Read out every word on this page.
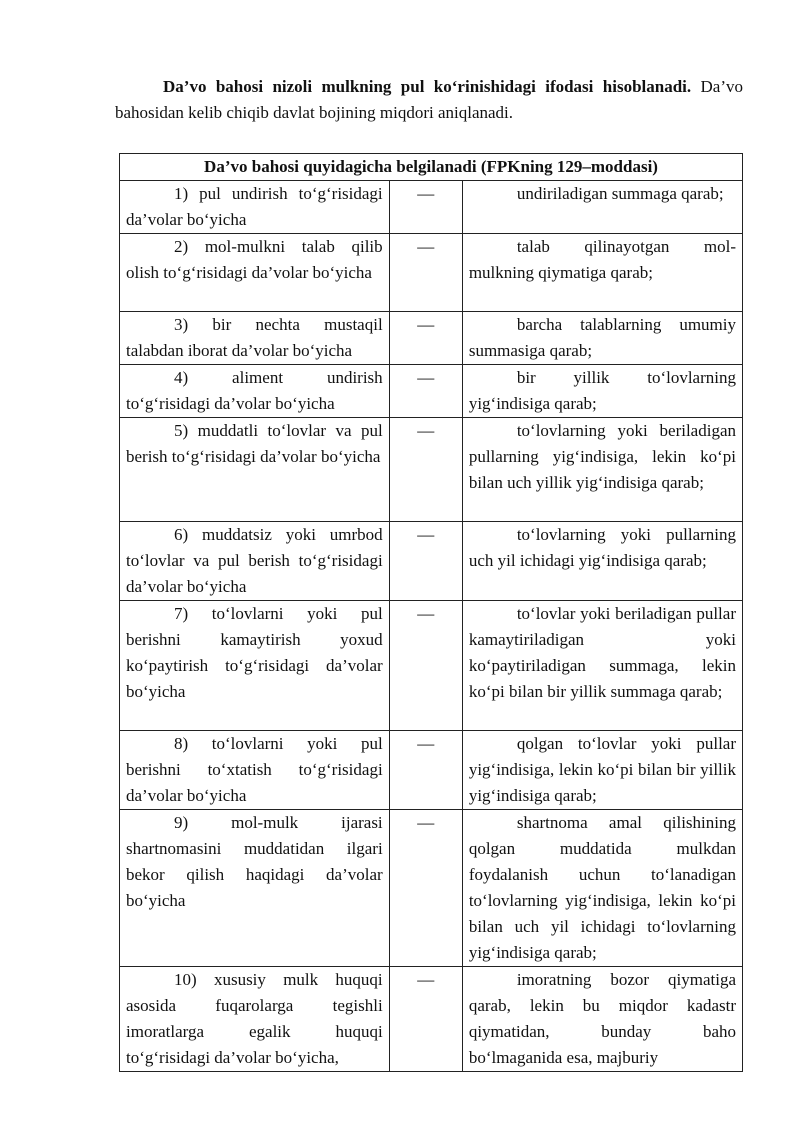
Da’vo bahosi nizoli mulkning pul ko‘rinishidagi ifodasi hisoblanadi. Da’vo bahosidan kelib chiqib davlat bojining miqdori aniqlanadi.
Da’vo bahosi quyidagicha belgilanadi (FPKning 129–moddasi)		
1) pul undirish to‘g‘risidagi da’volar bo‘yicha	—	undiriladigan summaga qarab;
2) mol-mulkni talab qilib olish to‘g‘risidagi da’volar bo‘yicha	—	talab qilinayotgan mol-mulkning qiymatiga qarab;
3) bir nechta mustaqil talabdan iborat da’volar bo‘yicha	—	barcha talablarning umumiy summasiga qarab;
4) aliment undirish to‘g‘risidagi da’volar bo‘yicha	—	bir yillik to‘lovlarning yig‘indisiga qarab;
5) muddatli to‘lovlar va pul berish to‘g‘risidagi da’volar bo‘yicha	—	to‘lovlarning yoki beriladigan pullarning yig‘indisiga, lekin ko‘pi bilan uch yillik yig‘indisiga qarab;
6) muddatsiz yoki umrbod to‘lovlar va pul berish to‘g‘risidagi da’volar bo‘yicha	—	to‘lovlarning yoki pullarning uch yil ichidagi yig‘indisiga qarab;
7) to‘lovlarni yoki pul berishni kamaytirish yoxud ko‘paytirish to‘g‘risidagi da’volar bo‘yicha	—	to‘lovlar yoki beriladigan pullar kamaytiriladigan yoki ko‘paytiriladigan summaga, lekin ko‘pi bilan bir yillik summaga qarab;
8) to‘lovlarni yoki pul berishni to‘xtatish to‘g‘risidagi da’volar bo‘yicha	—	qolgan to‘lovlar yoki pullar yig‘indisiga, lekin ko‘pi bilan bir yillik yig‘indisiga qarab;
9) mol-mulk ijarasi shartnomasini muddatidan ilgari bekor qilish haqidagi da’volar bo‘yicha	—	shartnoma amal qilishining qolgan muddatida mulkdan foydalanish uchun to‘lanadigan to‘lovlarning yig‘indisiga, lekin ko‘pi bilan uch yil ichidagi to‘lovlarning yig‘indisiga qarab;
10) xususiy mulk huquqi asosida fuqarolarga tegishli imoratlarga egalik huquqi to‘g‘risidagi da’volar bo‘yicha,	—	imoratning bozor qiymatiga qarab, lekin bu miqdor kadastr qiymatidan, bunday baho bo‘lmaganida esa, majburiy
